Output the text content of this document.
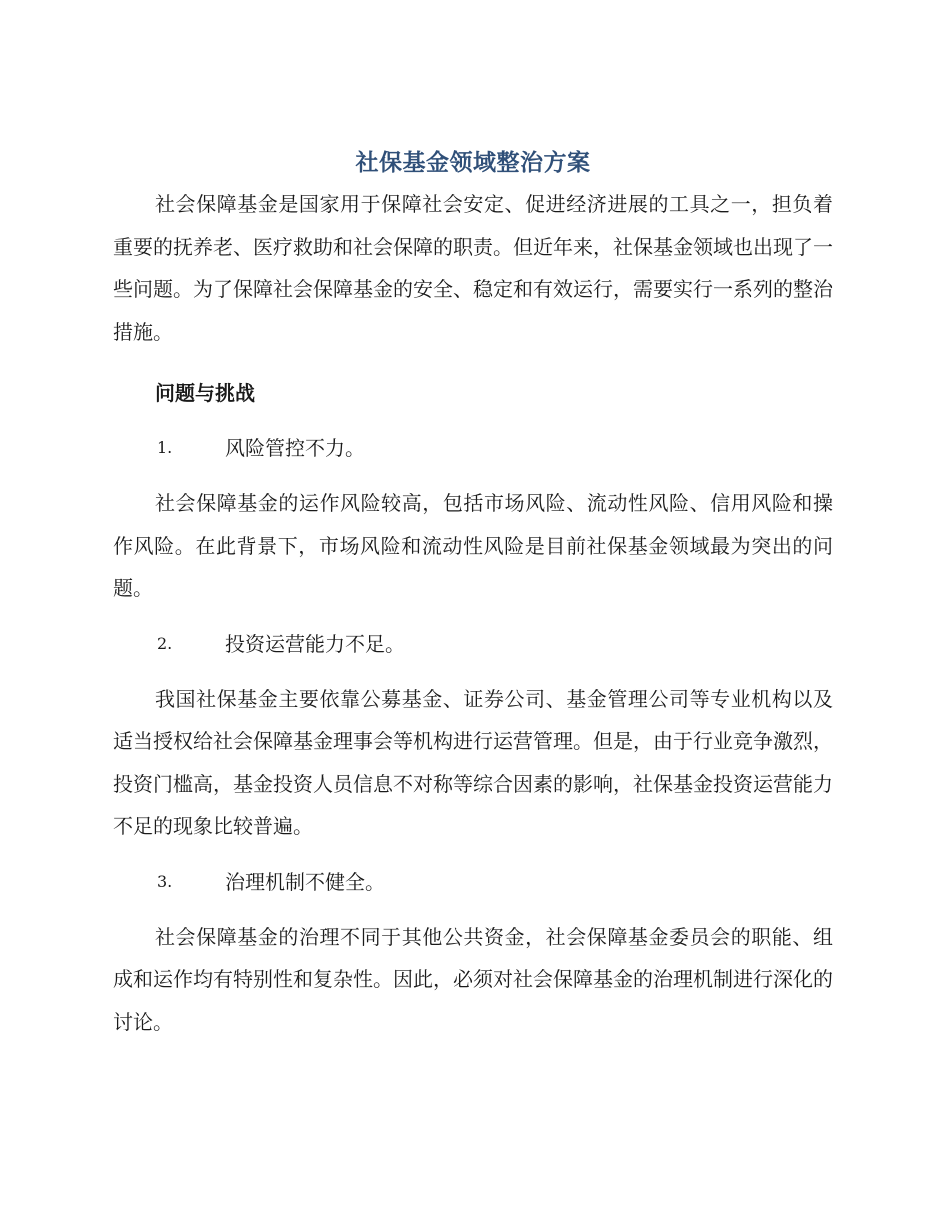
社保基金领域整治方案

社会保障基金是国家用于保障社会安定、促进经济进展的工具之一，担负着重要的抚养老、医疗救助和社会保障的职责。但近年来，社保基金领域也出现了一些问题。为了保障社会保障基金的安全、稳定和有效运行，需要实行一系列的整治措施。

问题与挑战
1.	风险管控不力。

社会保障基金的运作风险较高，包括市场风险、流动性风险、信用风险和操作风险。在此背景下，市场风险和流动性风险是目前社保基金领域最为突出的问题。

2.	投资运营能力不足。

我国社保基金主要依靠公募基金、证券公司、基金管理公司等专业机构以及适当授权给社会保障基金理事会等机构进行运营管理。但是，由于行业竞争激烈，投资门槛高，基金投资人员信息不对称等综合因素的影响，社保基金投资运营能力不足的现象比较普遍。

3.	治理机制不健全。

社会保障基金的治理不同于其他公共资金，社会保障基金委员会的职能、组成和运作均有特别性和复杂性。因此，必须对社会保障基金的治理机制进行深化的讨论。
